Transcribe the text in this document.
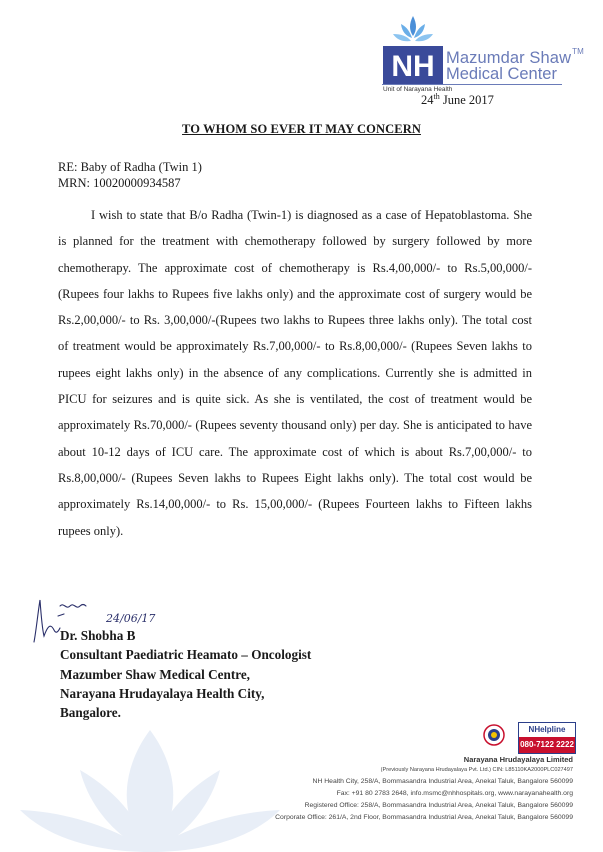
NH Mazumdar Shaw™
Medical Center
Unit of Narayana Health
24th June 2017
TO WHOM SO EVER IT MAY CONCERN
RE: Baby of Radha (Twin 1)
MRN: 10020000934587

I wish to state that B/o Radha (Twin-1) is diagnosed as a case of Hepatoblastoma. She is planned for the treatment with chemotherapy followed by surgery followed by more chemotherapy. The approximate cost of chemotherapy is Rs.4,00,000/- to Rs.5,00,000/- (Rupees four lakhs to Rupees five lakhs only) and the approximate cost of surgery would be Rs.2,00,000/- to Rs. 3,00,000/-(Rupees two lakhs to Rupees three lakhs only). The total cost of treatment would be approximately Rs.7,00,000/- to Rs.8,00,000/- (Rupees Seven lakhs to rupees eight lakhs only) in the absence of any complications. Currently she is admitted in PICU for seizures and is quite sick. As she is ventilated, the cost of treatment would be approximately Rs.70,000/- (Rupees seventy thousand only) per day. She is anticipated to have about 10-12 days of ICU care. The approximate cost of which is about Rs.7,00,000/- to Rs.8,00,000/- (Rupees Seven lakhs to Rupees Eight lakhs only). The total cost would be approximately Rs.14,00,000/- to Rs. 15,00,000/- (Rupees Fourteen lakhs to Fifteen lakhs rupees only).

24/06/17
Dr. Shobha B
Consultant Paediatric Heamato – Oncologist
Mazumber Shaw Medical Centre,
Narayana Hrudayalaya Health City,
Bangalore.
NHelpline
080-7122 2222
Narayana Hrudayalaya Limited
(Previously Narayana Hrudayalaya Pvt. Ltd.) CIN: L85110KA2000PLC027497
NH Health City, 258/A, Bommasandra Industrial Area, Anekal Taluk, Bangalore 560099
Fax: +91 80 2783 2648, info.msmc@nhhospitals.org, www.narayanahealth.org
Registered Office: 258/A, Bommasandra Industrial Area, Anekal Taluk, Bangalore 560099
Corporate Office: 261/A, 2nd Floor, Bommasandra Industrial Area, Anekal Taluk, Bangalore 560099
